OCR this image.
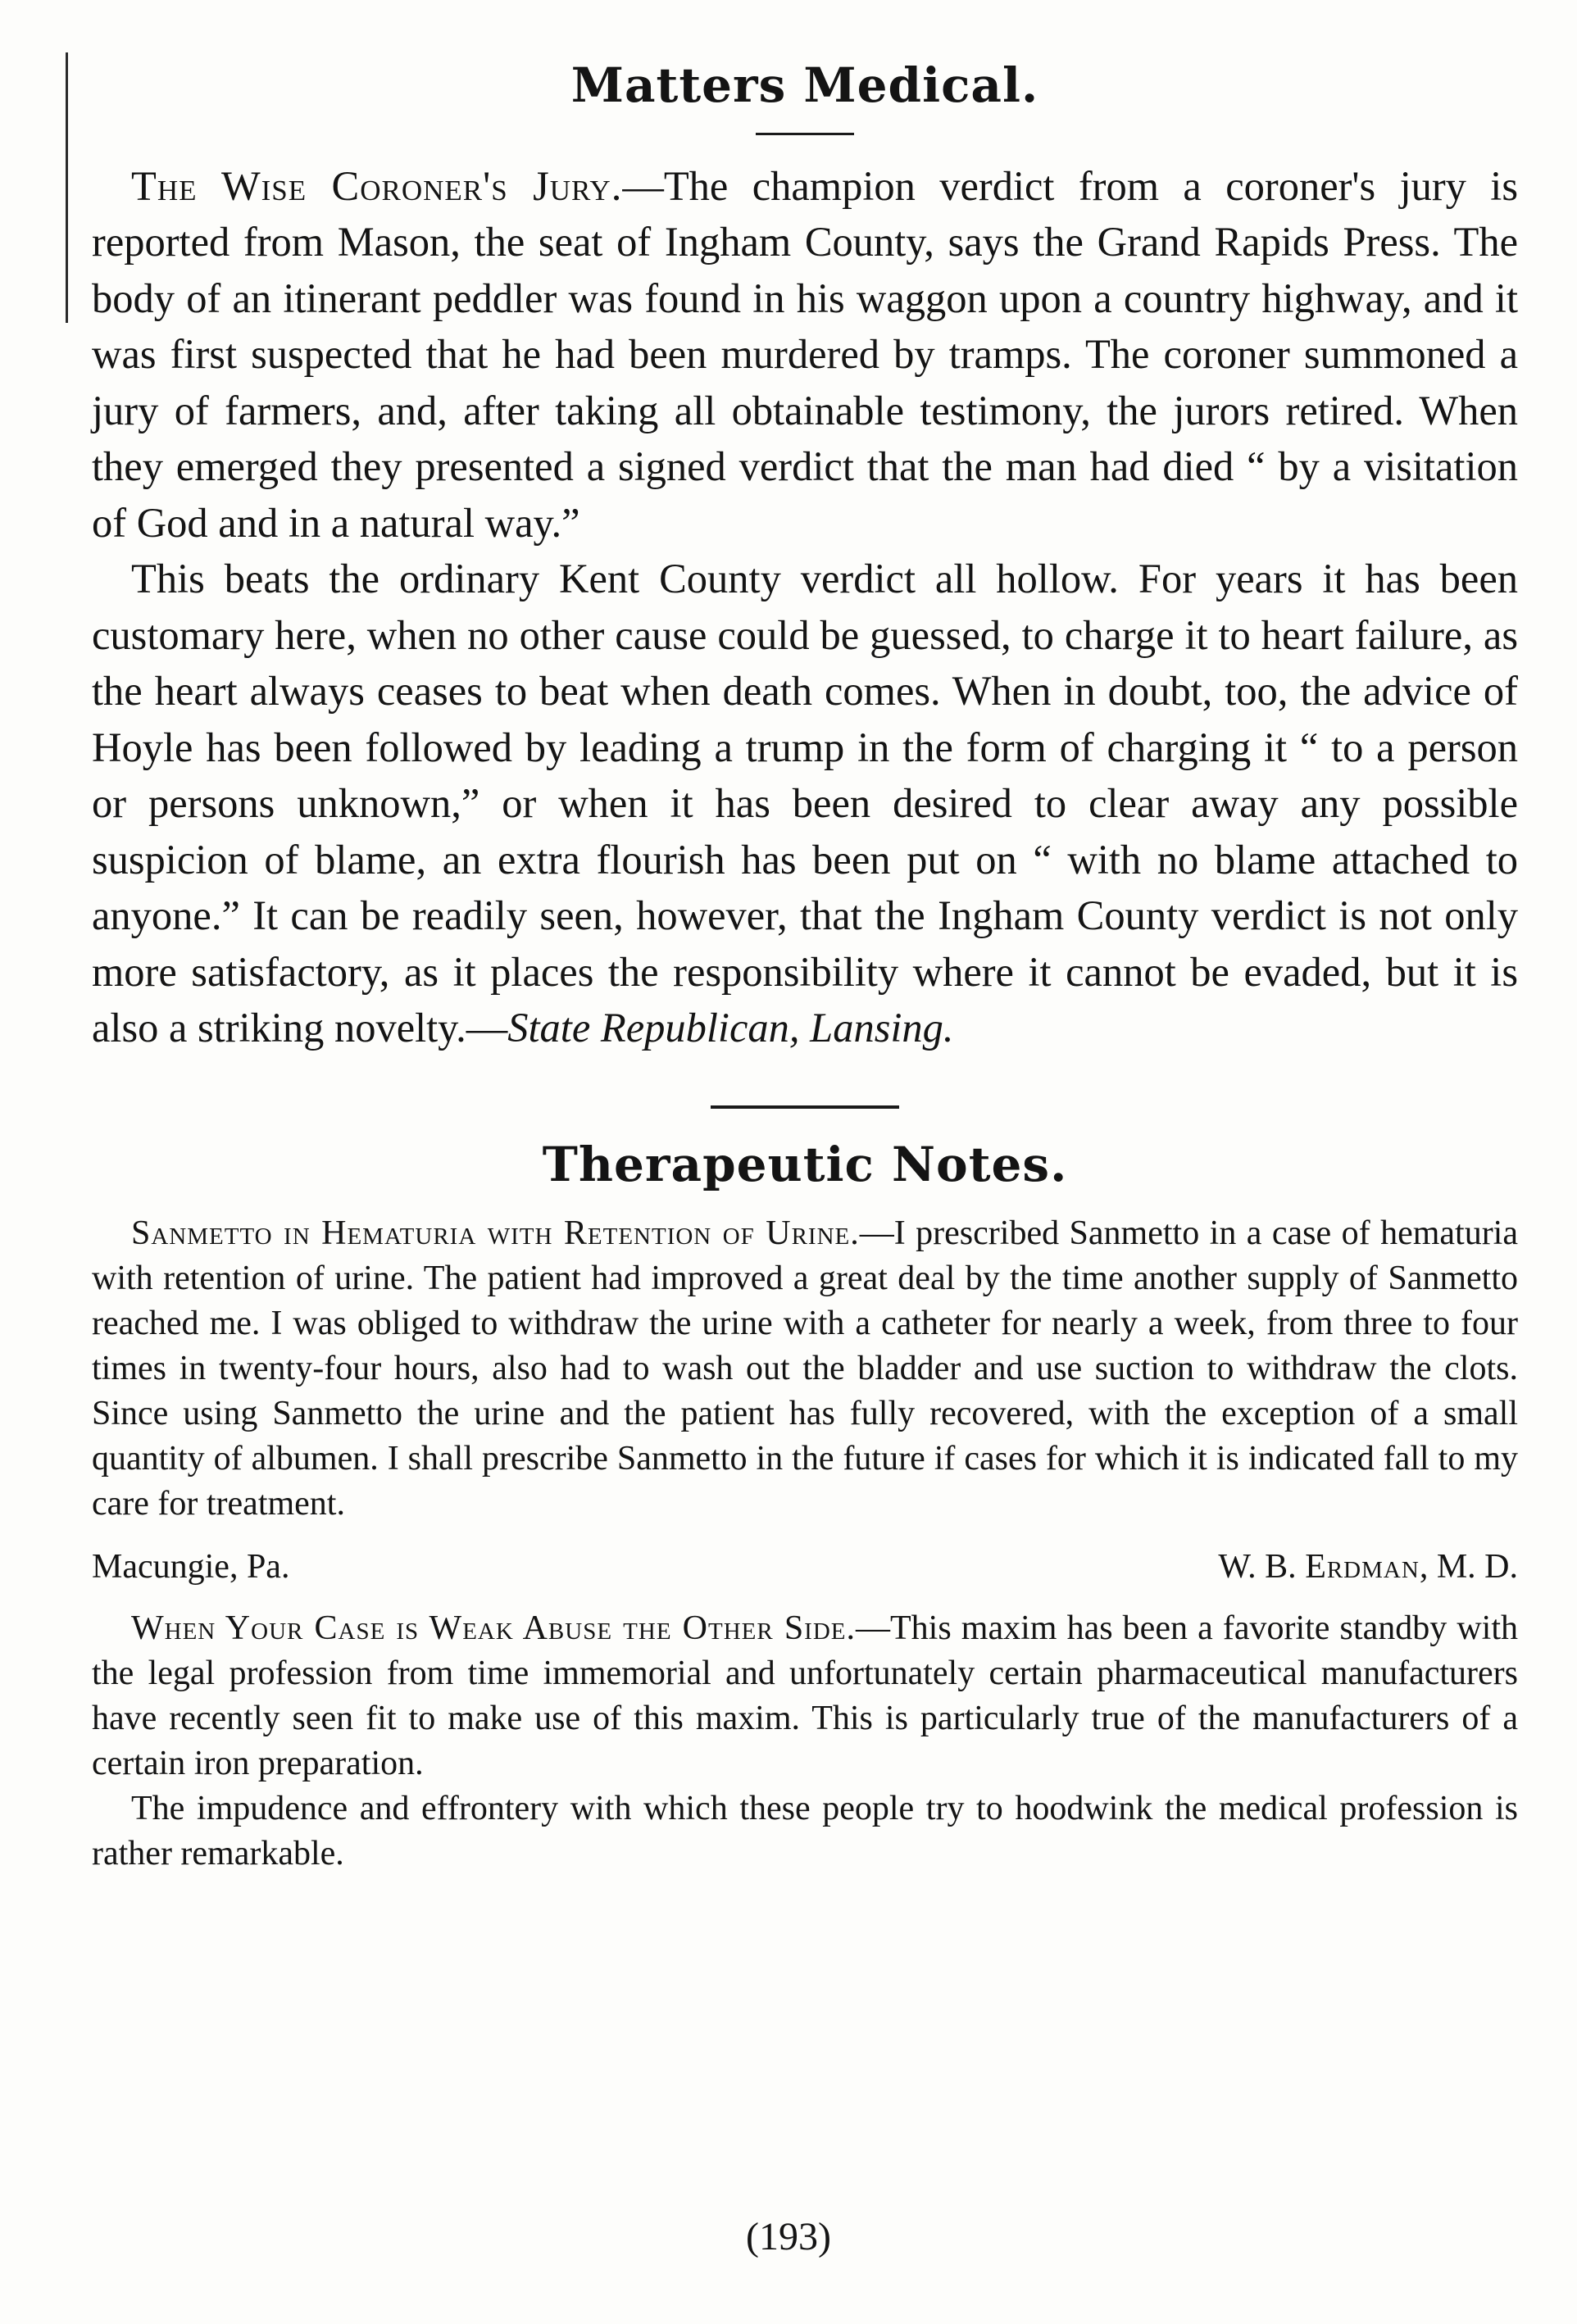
Matters Medical.

The Wise Coroner's Jury.—The champion verdict from a coroner's jury is reported from Mason, the seat of Ingham County, says the Grand Rapids Press. The body of an itinerant peddler was found in his waggon upon a country highway, and it was first suspected that he had been murdered by tramps. The coroner summoned a jury of farmers, and, after taking all obtainable testimony, the jurors retired. When they emerged they presented a signed verdict that the man had died “ by a visitation of God and in a natural way.”

This beats the ordinary Kent County verdict all hollow. For years it has been customary here, when no other cause could be guessed, to charge it to heart failure, as the heart always ceases to beat when death comes. When in doubt, too, the advice of Hoyle has been followed by leading a trump in the form of charging it “ to a person or persons unknown,” or when it has been desired to clear away any possible suspicion of blame, an extra flourish has been put on “ with no blame attached to anyone.” It can be readily seen, however, that the Ingham County verdict is not only more satisfactory, as it places the responsibility where it cannot be evaded, but it is also a striking novelty.—State Republican, Lansing.

Therapeutic Notes.

Sanmetto in Hematuria with Retention of Urine.—I prescribed Sanmetto in a case of hematuria with retention of urine. The patient had improved a great deal by the time another supply of Sanmetto reached me. I was obliged to withdraw the urine with a catheter for nearly a week, from three to four times in twenty-four hours, also had to wash out the bladder and use suction to withdraw the clots. Since using Sanmetto the urine and the patient has fully recovered, with the exception of a small quantity of albumen. I shall prescribe Sanmetto in the future if cases for which it is indicated fall to my care for treatment.

Macungie, Pa.	W. B. Erdman, M. D.

When Your Case is Weak Abuse the Other Side.—This maxim has been a favorite standby with the legal profession from time immemorial and unfortunately certain pharmaceutical manufacturers have recently seen fit to make use of this maxim. This is particularly true of the manufacturers of a certain iron preparation.

The impudence and effrontery with which these people try to hoodwink the medical profession is rather remarkable.

(193)
